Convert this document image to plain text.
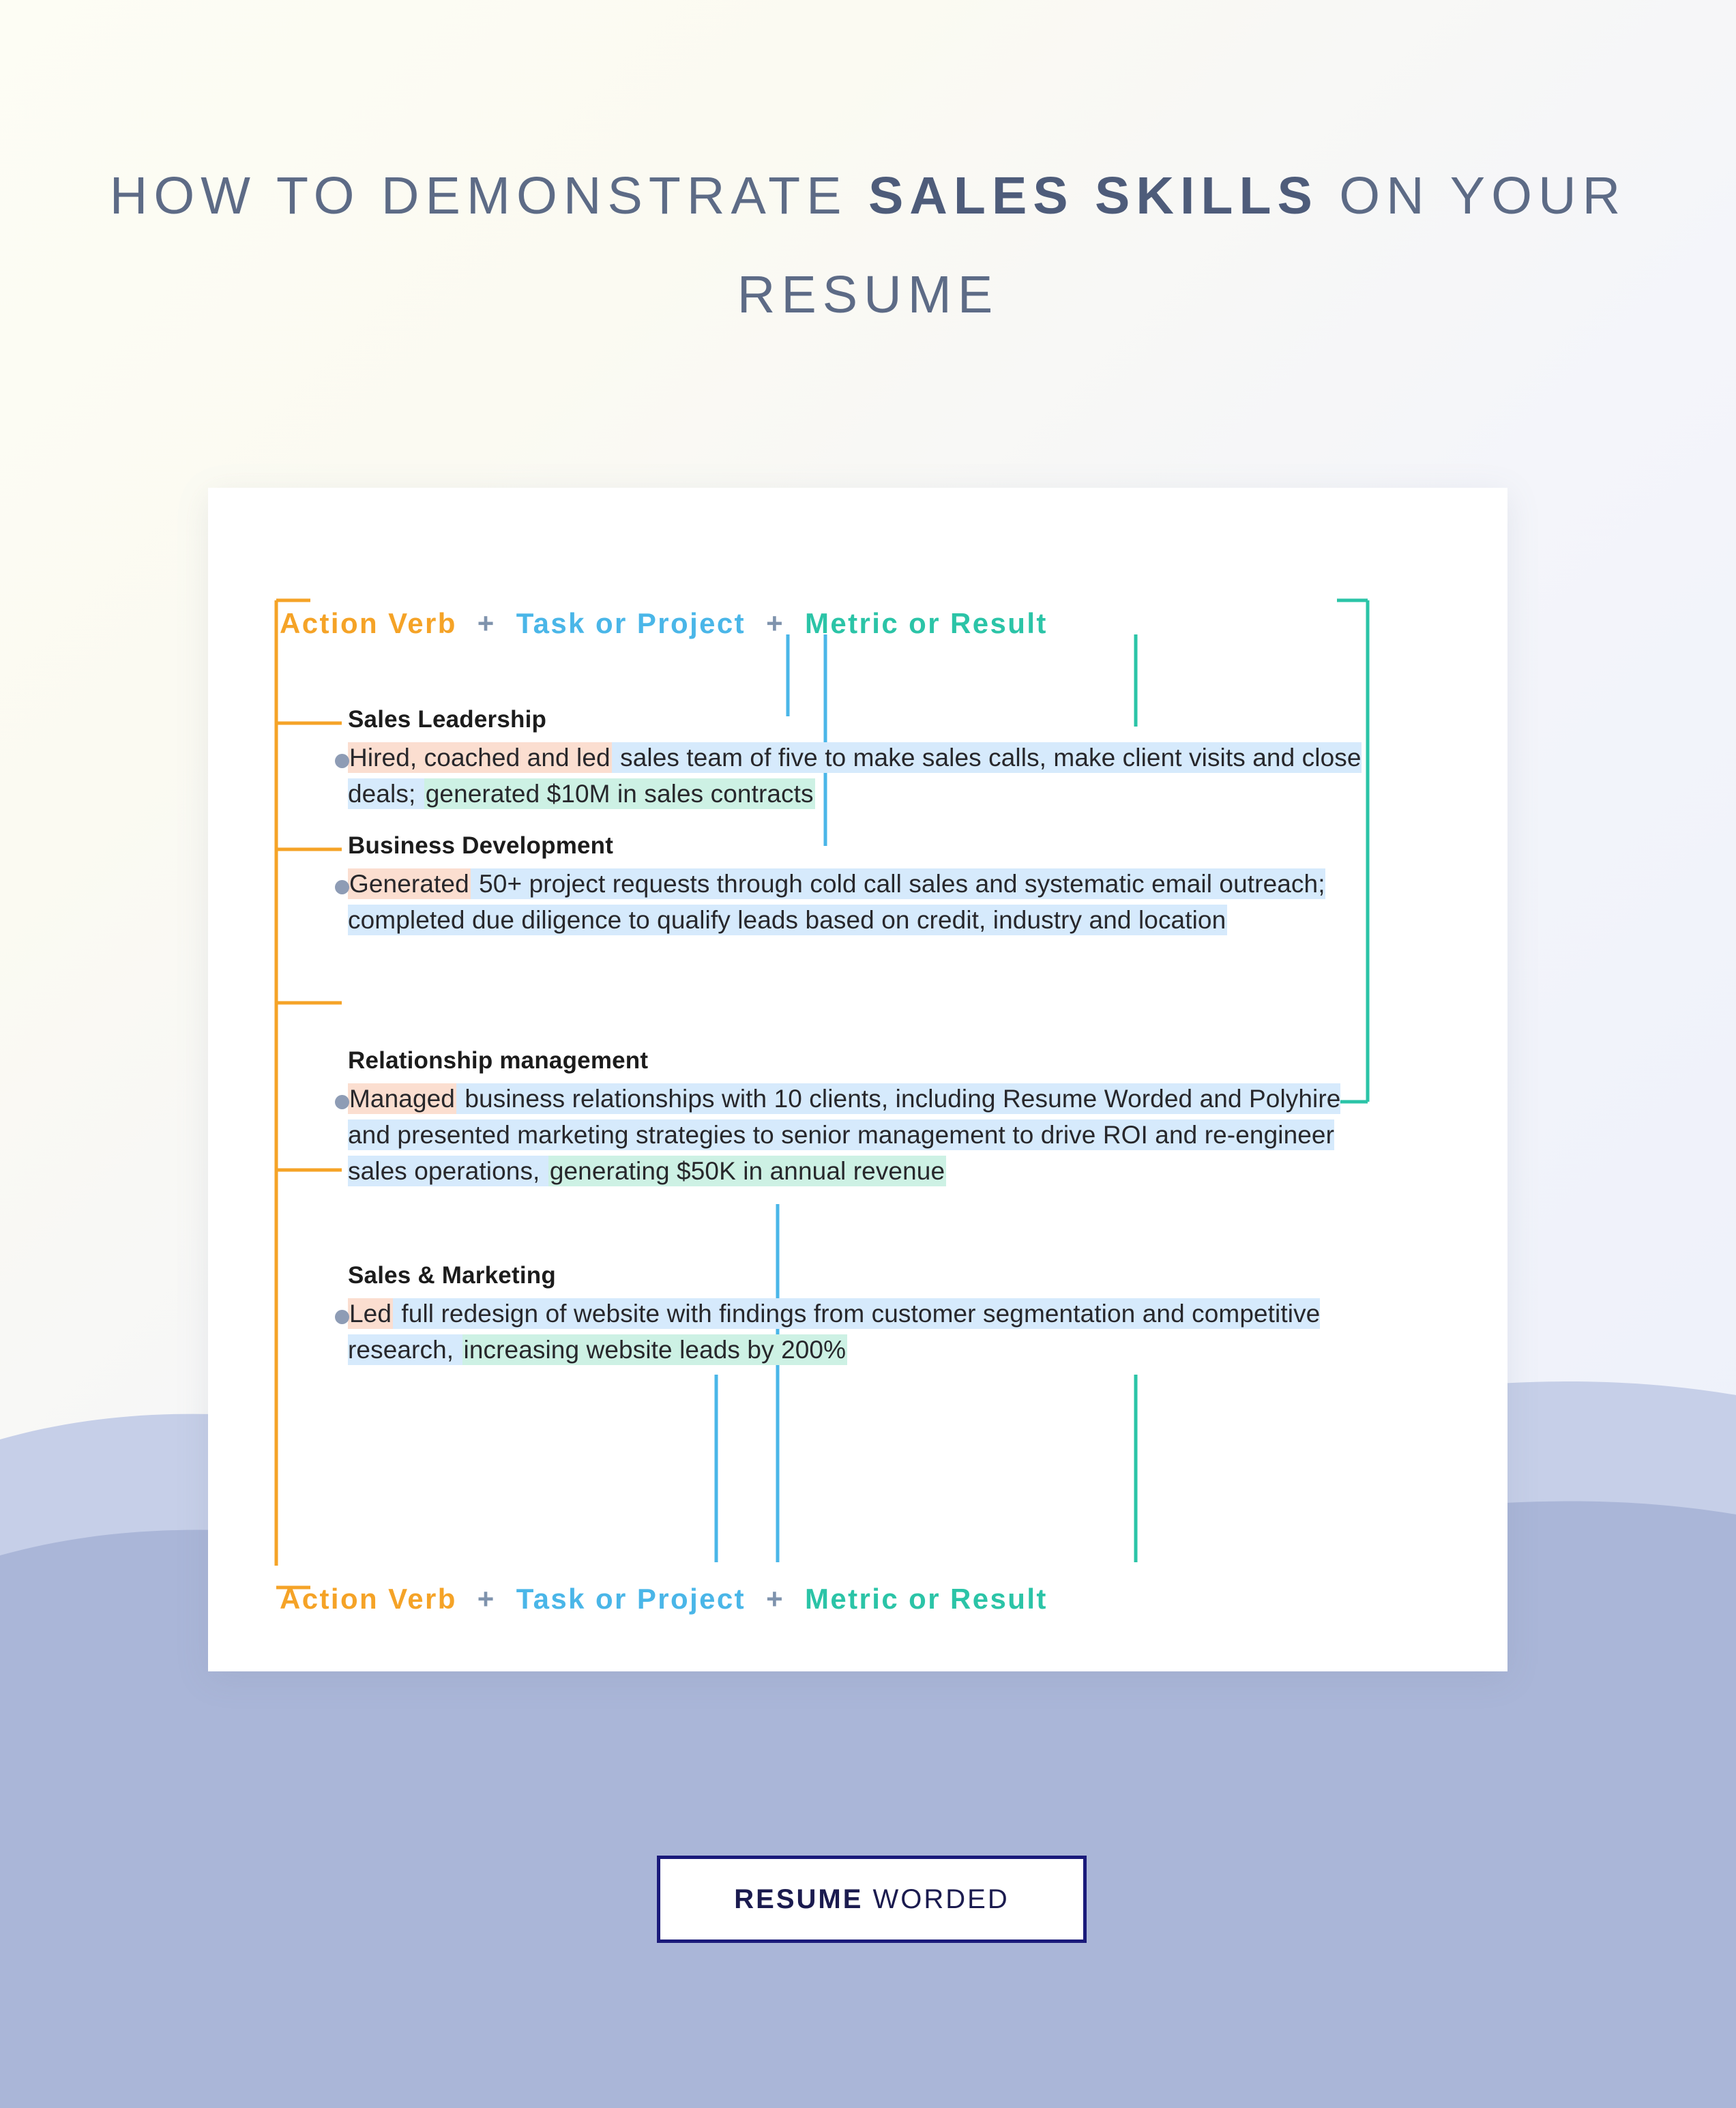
HOW TO DEMONSTRATE SALES SKILLS ON YOUR RESUME
Action Verb + Task or Project + Metric or Result
Sales Leadership
Hired, coached and led sales team of five to make sales calls, make client visits and close deals; generated $10M in sales contracts
Business Development
Generated 50+ project requests through cold call sales and systematic email outreach; completed due diligence to qualify leads based on credit, industry and location
Relationship management
Managed business relationships with 10 clients, including Resume Worded and Polyhire and presented marketing strategies to senior management to drive ROI and re-engineer sales operations, generating $50K in annual revenue
Sales & Marketing
Led full redesign of website with findings from customer segmentation and competitive research, increasing website leads by 200%
Action Verb + Task or Project + Metric or Result
RESUME WORDED
